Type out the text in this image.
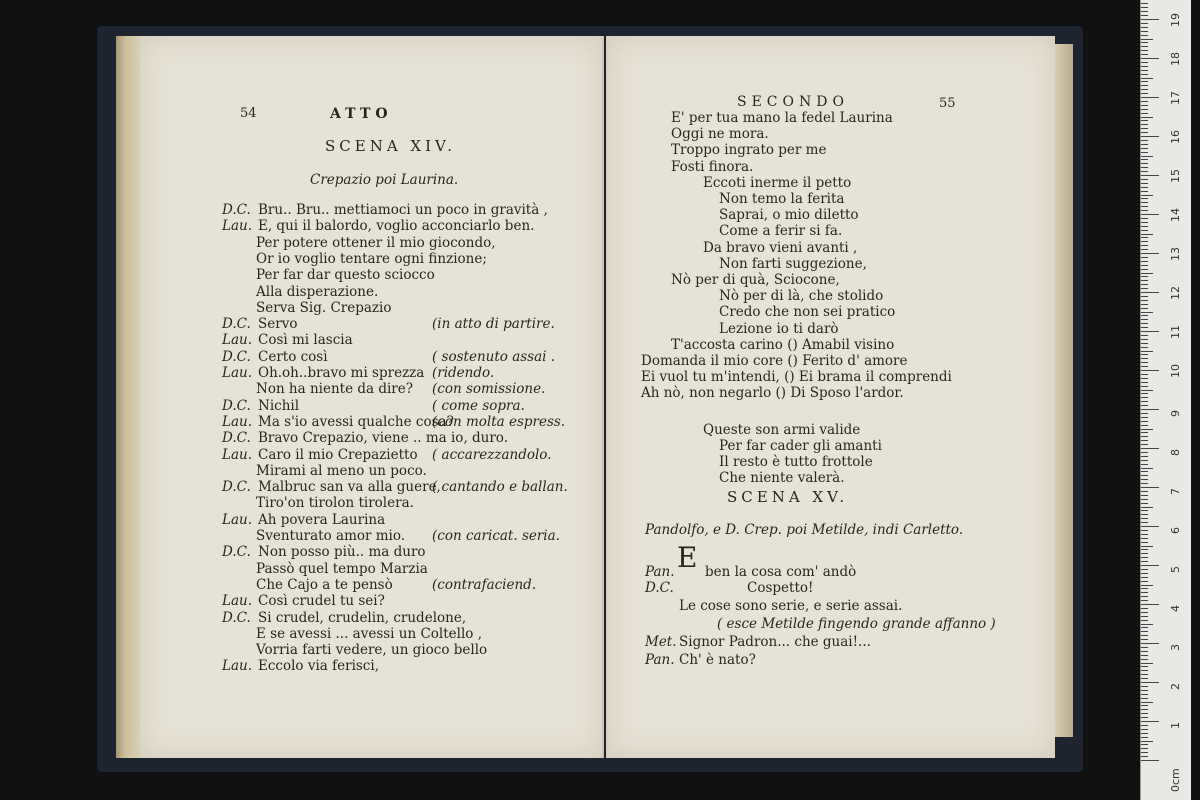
54	ATTO
SCENA XIV.
Crepazio poi Laurina.
D.C. Bru.. Bru.. mettiamoci un poco in gravità ,
Lau. E, qui il balordo, voglio acconciarlo ben.
Per potere ottener il mio giocondo,
Or io voglio tentare ogni finzione;
Per far dar questo sciocco
Alla disperazione.
Serva Sig. Crepazio
D.C. Servo	(in atto di partire.
Lau. Così mi lascia
D.C. Certo così	( sostenuto assai .
Lau. Oh.oh..bravo mi sprezza (ridendo.
Non ha niente da dire? (con somissione.
D.C. Nichil	( come sopra.
Lau. Ma s'io avessi qualche cosa?
(con molta espress.
D.C. Bravo Crepazio, viene .. ma io, duro.
Lau. Caro il mio Crepazietto ( accarezzandolo.
Mirami al meno un poco.
D.C. Malbruc san va alla guere,
( cantando e ballan.
Tiro'on tirolon tirolera.
Lau. Ah povera Laurina
Sventurato amor mio. (con caricat. seria.
D.C. Non posso più.. ma duro
Passò quel tempo Marzia
Che Cajo a te pensò	(contrafaciend.
Lau. Così crudel tu sei?
D.C. Si crudel, crudelin, crudelone,
E se avessi ... avessi un Coltello ,
Vorria farti vedere, un gioco bello
Lau. Eccolo via ferisci,
SECONDO	55
E' per tua mano la fedel Laurina
Oggi ne mora.
Troppo ingrato per me
Fosti finora.
Eccoti inerme il petto
Non temo la ferita
Saprai, o mio diletto
Come a ferir si fa.
Da bravo vieni avanti ,
Non farti suggezione,
Nò per di quà, Sciocone,
Nò per di là, che stolido
Credo che non sei pratico
Lezione io ti darò
T'accosta carino () Amabil visino
Domanda il mio core () Ferito d' amore
Ei vuol tu m'intendi, () Ei brama il comprendi
Ah nò, non negarlo () Di Sposo l'ardor.
Queste son armi valide
Per far cader gli amanti
Il resto è tutto frottole
Che niente valerà.
SCENA XV.
Pandolfo, e D. Crep. poi Metilde, indi Carletto.
E
Pan. ben la cosa com' andò
D.C.	Cospetto!
Le cose sono serie, e serie assai.
( esce Metilde fingendo grande affanno )
Met. Signor Padron... che guai!...
Pan. Ch' è nato?
0cm
1
2
3
4
5
6
7
8
9
10
11
12
13
14
15
16
17
18
19
